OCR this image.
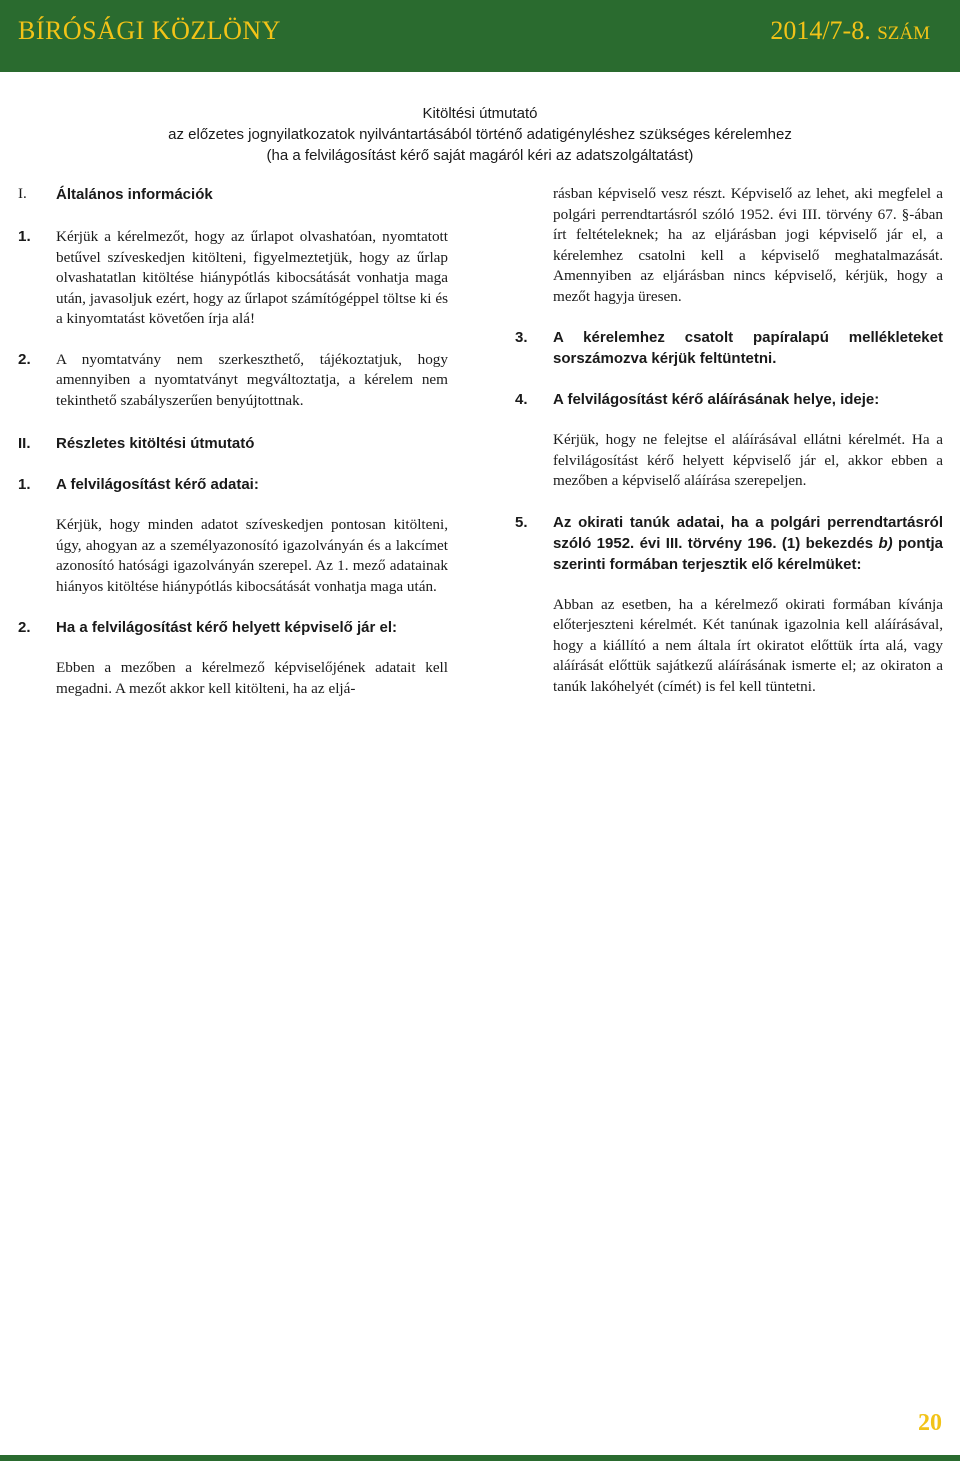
BÍRÓSÁGI KÖZLÖNY	2014/7-8. SZÁM
Kitöltési útmutató
az előzetes jognyilatkozatok nyilvántartásából történő adatigényléshez szükséges kérelemhez
(ha a felvilágosítást kérő saját magáról kéri az adatszolgáltatást)
I.	Általános információk
1.	Kérjük a kérelmezőt, hogy az űrlapot olvashatóan, nyomtatott betűvel szíveskedjen kitölteni, figyelmeztetjük, hogy az űrlap olvashatatlan kitöltése hiánypótlás kibocsátását vonhatja maga után, javasoljuk ezért, hogy az űrlapot számítógéppel töltse ki és a kinyomtatást követően írja alá!
2.	A nyomtatvány nem szerkeszthető, tájékoztatjuk, hogy amennyiben a nyomtatványt megváltoztatja, a kérelem nem tekinthető szabályszerűen benyújtottnak.
II.	Részletes kitöltési útmutató
1.	A felvilágosítást kérő adatai:

Kérjük, hogy minden adatot szíveskedjen pontosan kitölteni, úgy, ahogyan az a személyazonosító igazolványán és a lakcímet azonosító hatósági igazolványán szerepel. Az 1. mező adatainak hiányos kitöltése hiánypótlás kibocsátását vonhatja maga után.

2.	Ha a felvilágosítást kérő helyett képviselő jár el:

Ebben a mezőben a kérelmező képviselőjének adatait kell megadni. A mezőt akkor kell kitölteni, ha az eljá-

rásban képviselő vesz részt. Képviselő az lehet, aki megfelel a polgári perrendtartásról szóló 1952. évi III. törvény 67. §-ában írt feltételeknek; ha az eljárásban jogi képviselő jár el, a kérelemhez csatolni kell a képviselő meghatalmazását. Amennyiben az eljárásban nincs képviselő, kérjük, hogy a mezőt hagyja üresen.

3.	A kérelemhez csatolt papíralapú mellékleteket sorszámozva kérjük feltüntetni.
4.	A felvilágosítást kérő aláírásának helye, ideje:

Kérjük, hogy ne felejtse el aláírásával ellátni kérelmét. Ha a felvilágosítást kérő helyett képviselő jár el, akkor ebben a mezőben a képviselő aláírása szerepeljen.

5.	Az okirati tanúk adatai, ha a polgári perrendtartásról szóló 1952. évi III. törvény 196. (1) bekezdés b) pontja szerinti formában terjesztik elő kérelmüket:

Abban az esetben, ha a kérelmező okirati formában kívánja előterjeszteni kérelmét. Két tanúnak igazolnia kell aláírásával, hogy a kiállító a nem általa írt okiratot előttük írta alá, vagy aláírását előttük sajátkezű aláírásának ismerte el; az okiraton a tanúk lakóhelyét (címét) is fel kell tüntetni.

20
